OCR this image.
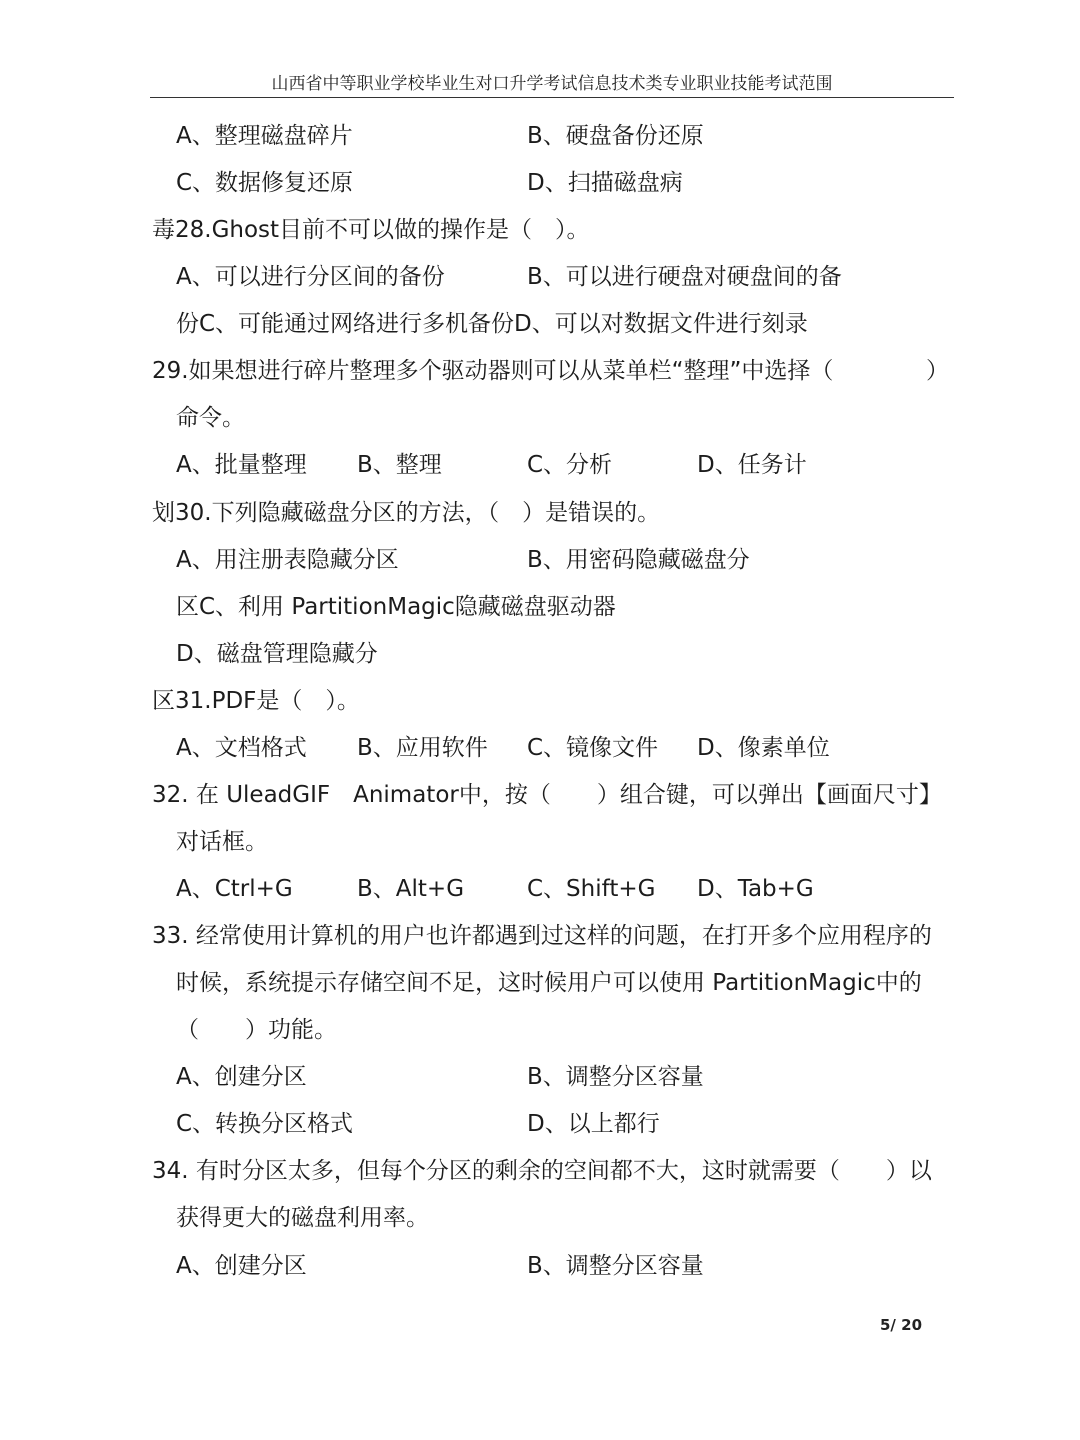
山西省中等职业学校毕业生对口升学考试信息技术类专业职业技能考试范围
A、整理磁盘碎片	B、硬盘备份还原
C、数据修复还原	D、扫描磁盘病
毒28.Ghost目前不可以做的操作是（　）。
A、可以进行分区间的备份	B、可以进行硬盘对硬盘间的备
份C、可能通过网络进行多机备份D、可以对数据文件进行刻录
29.如果想进行碎片整理多个驱动器则可以从菜单栏“整理”中选择（	）
命令。
A、批量整理 B、整理	C、分析	D、任务计
划30.下列隐藏磁盘分区的方法，（　）是错误的。
A、用注册表隐藏分区	B、用密码隐藏磁盘分
区C、利用 PartitionMagic隐藏磁盘驱动器
D、磁盘管理隐藏分
区31.PDF是（　）。
A、文档格式 B、应用软件 C、镜像文件 D、像素单位
32. 在 UleadGIF　Animator中，按（　　）组合键，可以弹出【画面尺寸】
对话框。
A、Ctrl+G	B、Alt+G	C、Shift+G D、Tab+G
33. 经常使用计算机的用户也许都遇到过这样的问题，在打开多个应用程序的
时候，系统提示存储空间不足，这时候用户可以使用 PartitionMagic中的
（　　）功能。
A、创建分区	B、调整分区容量
C、转换分区格式	D、以上都行
34. 有时分区太多，但每个分区的剩余的空间都不大，这时就需要（　　）以
获得更大的磁盘利用率。
A、创建分区	B、调整分区容量
5/ 20
